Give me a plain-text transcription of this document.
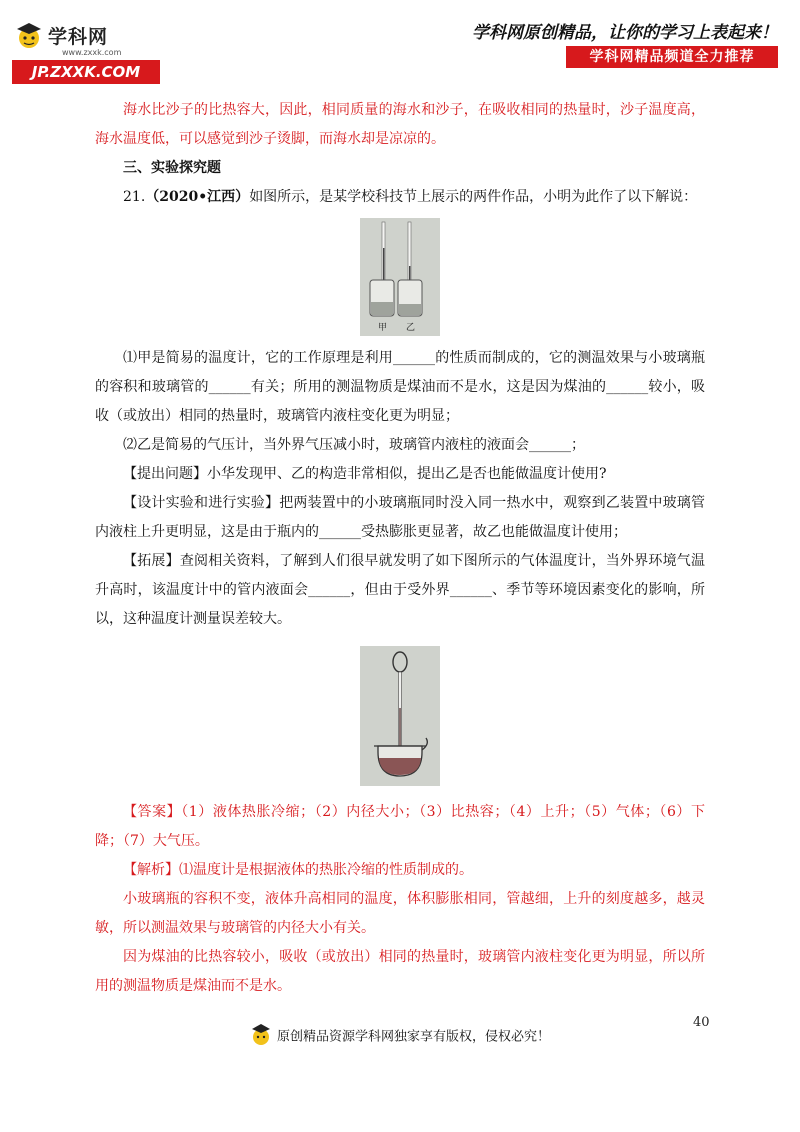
学科网
www.zxxk.com
JP.ZXXK.COM
学科网原创精品，让你的学习上表起来！
学科网精品频道全力推荐

海水比沙子的比热容大，因此，相同质量的海水和沙子，在吸收相同的热量时，沙子温度高，海水温度低，可以感觉到沙子烫脚，而海水却是凉凉的。

三、实验探究题

21.（2020•江西）如图所示，是某学校科技节上展示的两件作品，小明为此作了以下解说：

甲 乙

⑴甲是简易的温度计，它的工作原理是利用______的性质而制成的，它的测温效果与小玻璃瓶的容积和玻璃管的______有关；所用的测温物质是煤油而不是水，这是因为煤油的______较小，吸收（或放出）相同的热量时，玻璃管内液柱变化更为明显；

⑵乙是简易的气压计，当外界气压减小时，玻璃管内液柱的液面会______；

【提出问题】小华发现甲、乙的构造非常相似，提出乙是否也能做温度计使用?

【设计实验和进行实验】把两装置中的小玻璃瓶同时没入同一热水中，观察到乙装置中玻璃管内液柱上升更明显，这是由于瓶内的______受热膨胀更显著，故乙也能做温度计使用；

【拓展】查阅相关资料，了解到人们很早就发明了如下图所示的气体温度计，当外界环境气温升高时，该温度计中的管内液面会______，但由于受外界______、季节等环境因素变化的影响，所以，这种温度计测量误差较大。

【答案】（1）液体热胀冷缩；（2）内径大小；（3）比热容；（4）上升；（5）气体；（6）下降；（7）大气压。

【解析】⑴温度计是根据液体的热胀冷缩的性质制成的。

小玻璃瓶的容积不变，液体升高相同的温度，体积膨胀相同，管越细，上升的刻度越多，越灵敏，所以测温效果与玻璃管的内径大小有关。

因为煤油的比热容较小，吸收（或放出）相同的热量时，玻璃管内液柱变化更为明显，所以所用的测温物质是煤油而不是水。

40
原创精品资源学科网独家享有版权，侵权必究！
